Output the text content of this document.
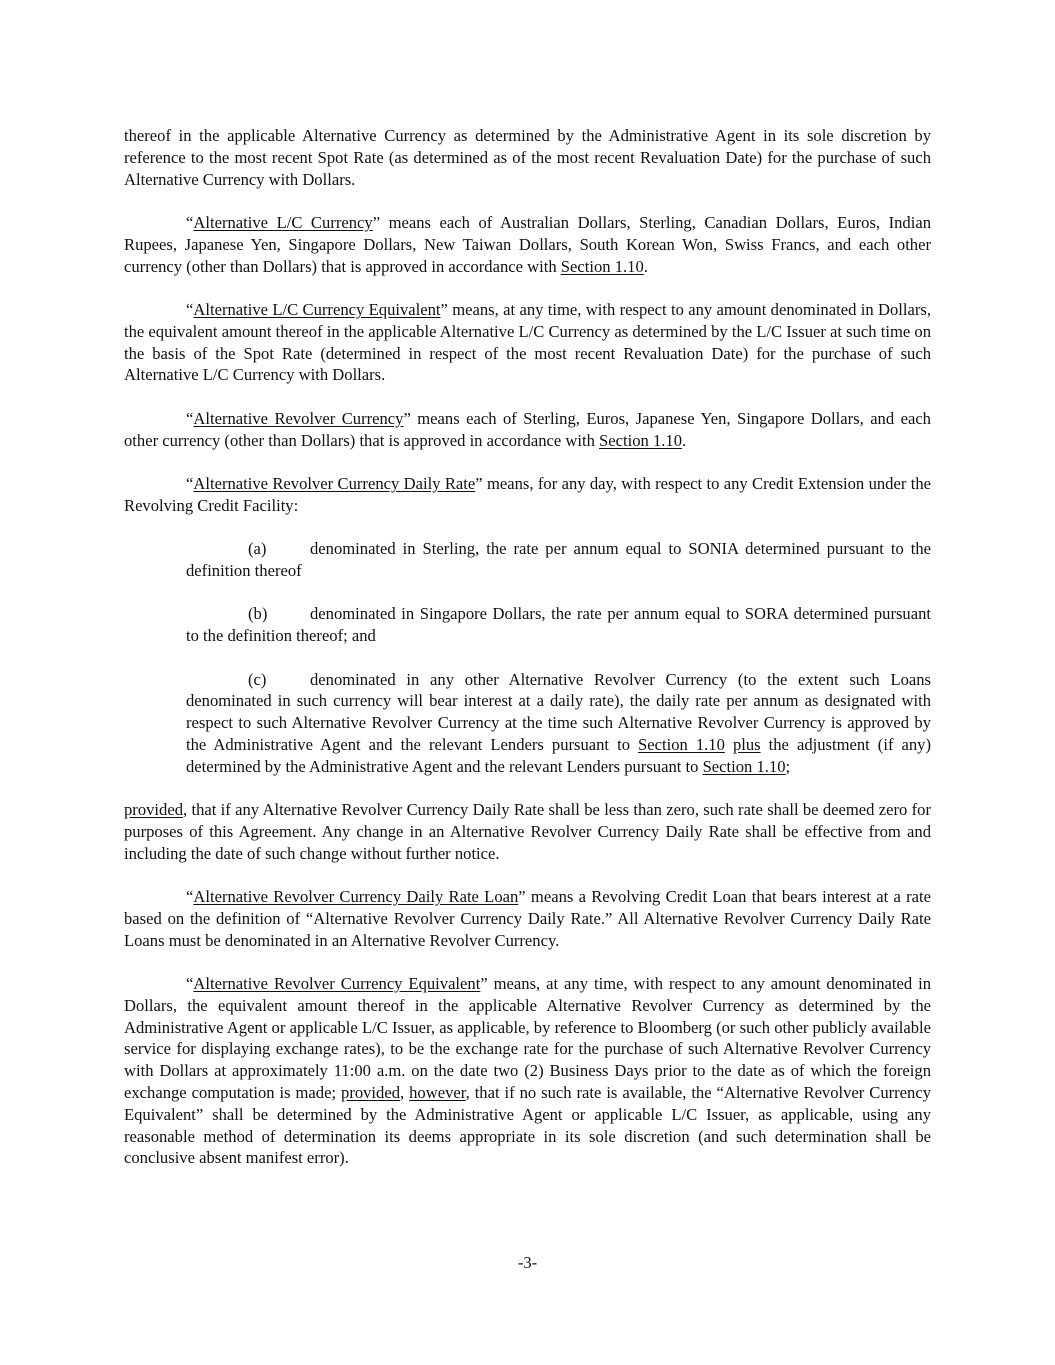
thereof in the applicable Alternative Currency as determined by the Administrative Agent in its sole discretion by reference to the most recent Spot Rate (as determined as of the most recent Revaluation Date) for the purchase of such Alternative Currency with Dollars.

“Alternative L/C Currency” means each of Australian Dollars, Sterling, Canadian Dollars, Euros, Indian Rupees, Japanese Yen, Singapore Dollars, New Taiwan Dollars, South Korean Won, Swiss Francs, and each other currency (other than Dollars) that is approved in accordance with Section 1.10.

“Alternative L/C Currency Equivalent” means, at any time, with respect to any amount denominated in Dollars, the equivalent amount thereof in the applicable Alternative L/C Currency as determined by the L/C Issuer at such time on the basis of the Spot Rate (determined in respect of the most recent Revaluation Date) for the purchase of such Alternative L/C Currency with Dollars.

“Alternative Revolver Currency” means each of Sterling, Euros, Japanese Yen, Singapore Dollars, and each other currency (other than Dollars) that is approved in accordance with Section 1.10.

“Alternative Revolver Currency Daily Rate” means, for any day, with respect to any Credit Extension under the Revolving Credit Facility:

(a)	denominated in Sterling, the rate per annum equal to SONIA determined pursuant to the definition thereof

(b)	denominated in Singapore Dollars, the rate per annum equal to SORA determined pursuant to the definition thereof; and

(c)	denominated in any other Alternative Revolver Currency (to the extent such Loans denominated in such currency will bear interest at a daily rate), the daily rate per annum as designated with respect to such Alternative Revolver Currency at the time such Alternative Revolver Currency is approved by the Administrative Agent and the relevant Lenders pursuant to Section 1.10 plus the adjustment (if any) determined by the Administrative Agent and the relevant Lenders pursuant to Section 1.10;

provided, that if any Alternative Revolver Currency Daily Rate shall be less than zero, such rate shall be deemed zero for purposes of this Agreement. Any change in an Alternative Revolver Currency Daily Rate shall be effective from and including the date of such change without further notice.

“Alternative Revolver Currency Daily Rate Loan” means a Revolving Credit Loan that bears interest at a rate based on the definition of “Alternative Revolver Currency Daily Rate.” All Alternative Revolver Currency Daily Rate Loans must be denominated in an Alternative Revolver Currency.

“Alternative Revolver Currency Equivalent” means, at any time, with respect to any amount denominated in Dollars, the equivalent amount thereof in the applicable Alternative Revolver Currency as determined by the Administrative Agent or applicable L/C Issuer, as applicable, by reference to Bloomberg (or such other publicly available service for displaying exchange rates), to be the exchange rate for the purchase of such Alternative Revolver Currency with Dollars at approximately 11:00 a.m. on the date two (2) Business Days prior to the date as of which the foreign exchange computation is made; provided, however, that if no such rate is available, the “Alternative Revolver Currency Equivalent” shall be determined by the Administrative Agent or applicable L/C Issuer, as applicable, using any reasonable method of determination its deems appropriate in its sole discretion (and such determination shall be conclusive absent manifest error).

-3-
